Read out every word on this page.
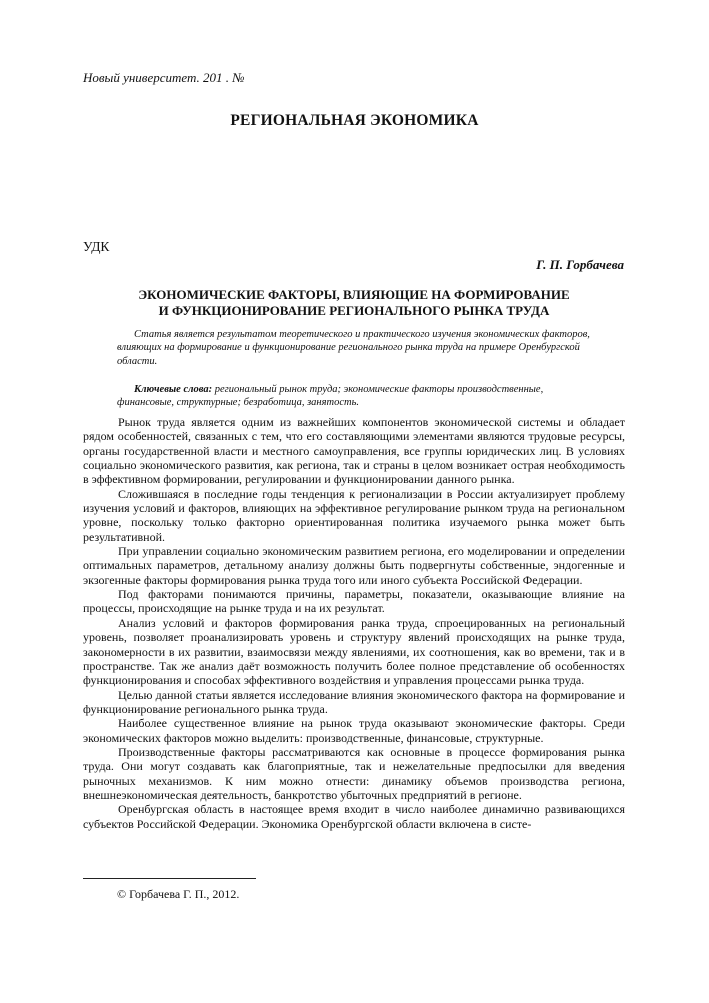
Новый университет. 201 . №
РЕГИОНАЛЬНАЯ ЭКОНОМИКА
УДК
Г. П. Горбачева
ЭКОНОМИЧЕСКИЕ ФАКТОРЫ, ВЛИЯЮЩИЕ НА ФОРМИРОВАНИЕ
И ФУНКЦИОНИРОВАНИЕ РЕГИОНАЛЬНОГО РЫНКА ТРУДА
Статья является результатом теоретического и практического изучения экономических факторов, влияющих на формирование и функционирование регионального рынка труда на примере Оренбургской области.
Ключевые слова: региональный рынок труда; экономические факторы производственные, финансовые, структурные; безработица, занятость.

Рынок труда является одним из важнейших компонентов экономической системы и обладает рядом особенностей, связанных с тем, что его составляющими элементами являются трудовые ресурсы, органы государственной власти и местного самоуправления, все группы юридических лиц. В условиях социально экономического развития, как региона, так и страны в целом возникает острая необходимость в эффективном формировании, регулировании и функционировании данного рынка.

Сложившаяся в последние годы тенденция к регионализации в России актуализирует проблему изучения условий и факторов, влияющих на эффективное регулирование рынком труда на региональном уровне, поскольку только факторно ориентированная политика изучаемого рынка может быть результативной.

При управлении социально экономическим развитием региона, его моделировании и определении оптимальных параметров, детальному анализу должны быть подвергнуты собственные, эндогенные и экзогенные факторы формирования рынка труда того или иного субъекта Российской Федерации.

Под факторами понимаются причины, параметры, показатели, оказывающие влияние на процессы, происходящие на рынке труда и на их результат.

Анализ условий и факторов формирования ранка труда, спроецированных на региональный уровень, позволяет проанализировать уровень и структуру явлений происходящих на рынке труда, закономерности в их развитии, взаимосвязи между явлениями, их соотношения, как во времени, так и в пространстве. Так же анализ даёт возможность получить более полное представление об особенностях функционирования и способах эффективного воздействия и управления процессами рынка труда.

Целью данной статьи является исследование влияния экономического фактора на формирование и функционирование регионального рынка труда.

Наиболее существенное влияние на рынок труда оказывают экономические факторы. Среди экономических факторов можно выделить: производственные, финансовые, структурные.

Производственные факторы рассматриваются как основные в процессе формирования рынка труда. Они могут создавать как благоприятные, так и нежелательные предпосылки для введения рыночных механизмов. К ним можно отнести: динамику объемов производства региона, внешнеэкономическая деятельность, банкротство убыточных предприятий в регионе.

Оренбургская область в настоящее время входит в число наиболее динамично развивающихся субъектов Российской Федерации. Экономика Оренбургской области включена в систе-

© Горбачева Г. П., 2012.
